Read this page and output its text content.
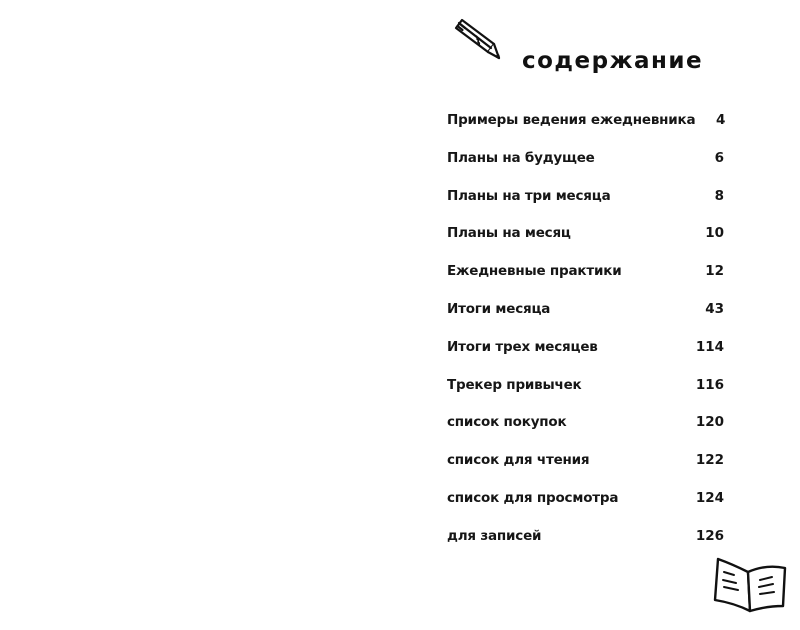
содержание
Примеры ведения ежедневника	4
Планы на будущее	6
Планы на три месяца	8
Планы на месяц	10
Ежедневные практики	12
Итоги месяца	43
Итоги трех месяцев	114
Трекер привычек	116
список покупок	120
список для чтения	122
список для просмотра	124
для записей	126
